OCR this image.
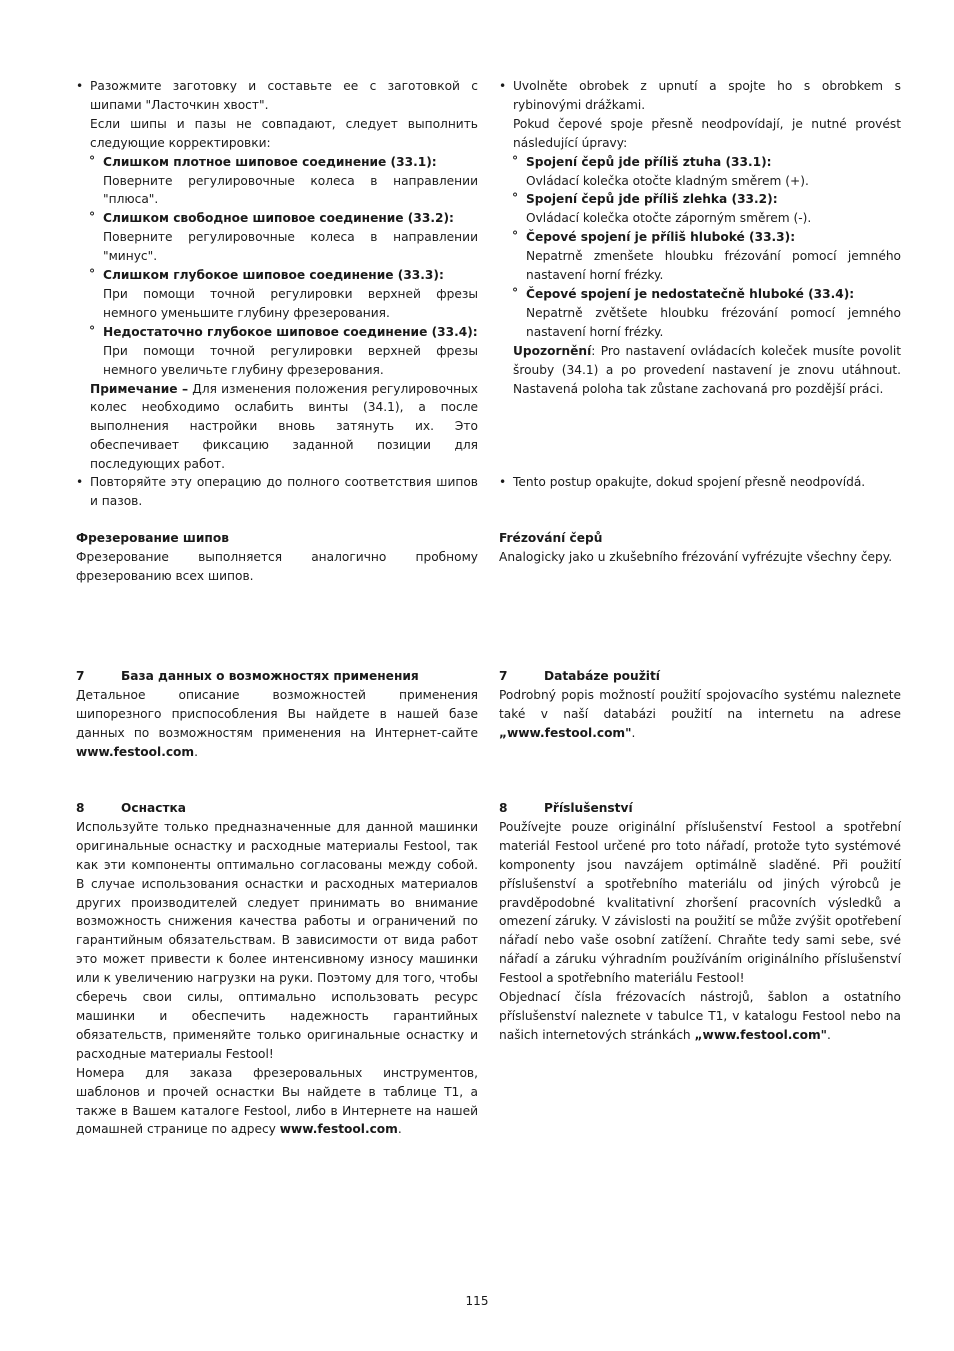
• Разожмите заготовку и составьте ее с заготовкой с шипами "Ласточкин хвост".

Если шипы и пазы не совпадают, следует выполнить следующие корректировки:

° Слишком плотное шиповое соединение (33.1):

Поверните регулировочные колеса в направлении "плюса".

° Слишком свободное шиповое соединение (33.2):

Поверните регулировочные колеса в направлении "минус".

° Слишком глубокое шиповое соединение (33.3):

При помощи точной регулировки верхней фрезы немного уменьшите глубину фрезерования.

° Недостаточно глубокое шиповое соединение (33.4):

При помощи точной регулировки верхней фрезы немного увеличьте глубину фрезерования.

Примечание – Для изменения положения регулировочных колес необходимо ослабить винты (34.1), а после выполнения настройки вновь затянуть их. Это обеспечивает фиксацию заданной позиции для последующих работ.

• Повторяйте эту операцию до полного соответствия шипов и пазов.

Фрезерование шипов

Фрезерование выполняется аналогично пробному фрезерованию всех шипов.

7	База данных о возможностях применения

Детальное описание возможностей применения шипорезного приспособления Вы найдете в нашей базе данных по возможностям применения на Интернет-сайте www.festool.com.

8	Оснастка

Используйте только предназначенные для данной машинки оригинальные оснастку и расходные материалы Festool, так как эти компоненты оптимально согласованы между собой. В случае использования оснастки и расходных материалов других производителей следует принимать во внимание возможность снижения качества работы и ограничений по гарантийным обязательствам. В зависимости от вида работ это может привести к более интенсивному износу машинки или к увеличению нагрузки на руки. Поэтому для того, чтобы сберечь свои силы, оптимально использовать ресурс машинки и обеспечить надежность гарантийных обязательств, применяйте только оригинальные оснастку и расходные материалы Festool!

Номера для заказа фрезеровальных инструментов, шаблонов и прочей оснастки Вы найдете в таблице Т1, а также в Вашем каталоге Festool, либо в Интернете на нашей домашней странице по адресу www.festool.com.

• Uvolněte obrobek z upnutí a spojte ho s obrobkem s rybinovými drážkami.

Pokud čepové spoje přesně neodpovídají, je nutné provést následující úpravy:

° Spojení čepů jde příliš ztuha (33.1):

Ovládací kolečka otočte kladným směrem (+).

° Spojení čepů jde příliš zlehka (33.2):

Ovládací kolečka otočte záporným směrem (-).

° Čepové spojení je příliš hluboké (33.3):

Nepatrně zmenšete hloubku frézování pomocí jemného nastavení horní frézky.

° Čepové spojení je nedostatečně hluboké (33.4):

Nepatrně zvětšete hloubku frézování pomocí jemného nastavení horní frézky.

Upozornění: Pro nastavení ovládacích koleček musíte povolit šrouby (34.1) a po provedení nastavení je znovu utáhnout. Nastavená poloha tak zůstane zachovaná pro pozdější práci.

• Tento postup opakujte, dokud spojení přesně neodpovídá.

Frézování čepů

Analogicky jako u zkušebního frézování vyfrézujte všechny čepy.

7	Databáze použití

Podrobný popis možností použití spojovacího systému naleznete také v naší databázi použití na internetu na adrese „www.festool.com".

8	Příslušenství

Používejte pouze originální příslušenství Festool a spotřební materiál Festool určené pro toto nářadí, protože tyto systémové komponenty jsou navzájem optimálně sladěné. Při použití příslušenství a spotřebního materiálu od jiných výrobců je pravděpodobné kvalitativní zhoršení pracovních výsledků a omezení záruky. V závislosti na použití se může zvýšit opotřebení nářadí nebo vaše osobní zatížení. Chraňte tedy sami sebe, své nářadí a záruku výhradním používáním originálního příslušenství Festool a spotřebního materiálu Festool!

Objednací čísla frézovacích nástrojů, šablon a ostatního příslušenství naleznete v tabulce T1, v katalogu Festool nebo na našich internetových stránkách „www.festool.com".

115
